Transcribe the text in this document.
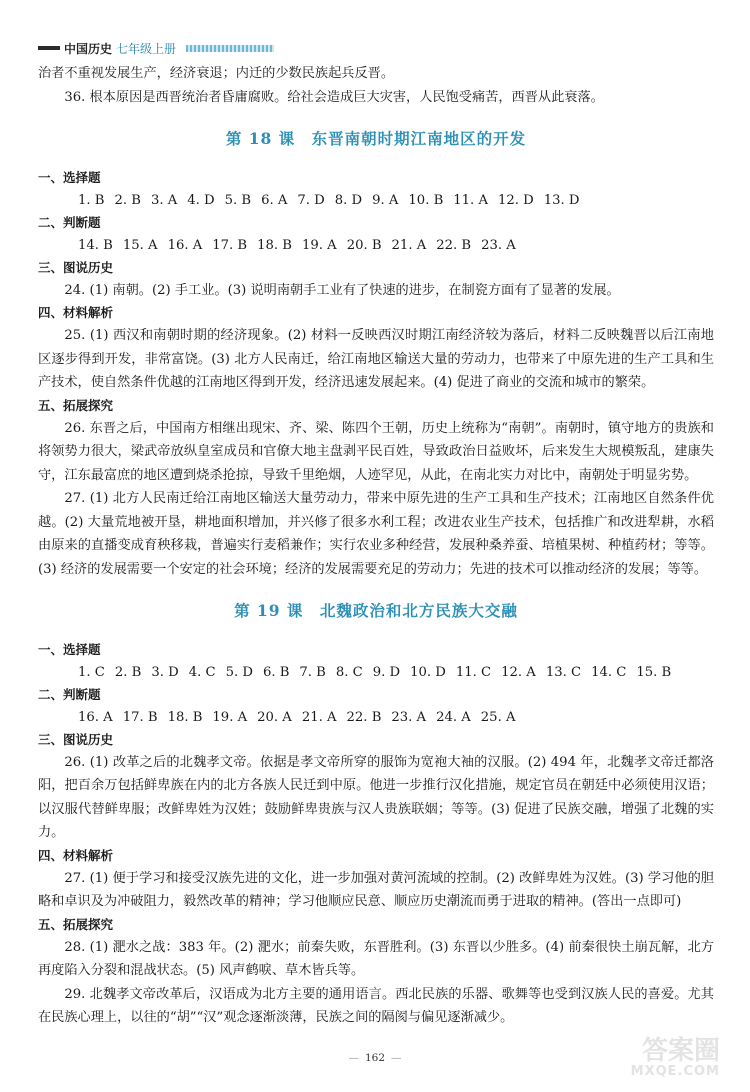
中国历史 七年级上册

治者不重视发展生产，经济衰退；内迁的少数民族起兵反晋。

36. 根本原因是西晋统治者昏庸腐败。给社会造成巨大灾害，人民饱受痛苦，西晋从此衰落。

第 18 课　东晋南朝时期江南地区的开发

一、选择题

1. B 2. B 3. A 4. D 5. B 6. A 7. D 8. D 9. A 10. B 11. A 12. D 13. D

二、判断题

14. B 15. A 16. A 17. B 18. B 19. A 20. B 21. A 22. B 23. A

三、图说历史

24. (1) 南朝。(2) 手工业。(3) 说明南朝手工业有了快速的进步，在制瓷方面有了显著的发展。

四、材料解析

25. (1) 西汉和南朝时期的经济现象。(2) 材料一反映西汉时期江南经济较为落后，材料二反映魏晋以后江南地区逐步得到开发，非常富饶。(3) 北方人民南迁，给江南地区输送大量的劳动力，也带来了中原先进的生产工具和生产技术，使自然条件优越的江南地区得到开发，经济迅速发展起来。(4) 促进了商业的交流和城市的繁荣。

五、拓展探究

26. 东晋之后，中国南方相继出现宋、齐、梁、陈四个王朝，历史上统称为“南朝”。南朝时，镇守地方的贵族和将领势力很大，梁武帝放纵皇室成员和官僚大地主盘剥平民百姓，导致政治日益败坏，后来发生大规模叛乱，建康失守，江东最富庶的地区遭到烧杀抢掠，导致千里绝烟，人迹罕见，从此，在南北实力对比中，南朝处于明显劣势。

27. (1) 北方人民南迁给江南地区输送大量劳动力，带来中原先进的生产工具和生产技术；江南地区自然条件优越。(2) 大量荒地被开垦，耕地面积增加，并兴修了很多水利工程；改进农业生产技术，包括推广和改进犁耕，水稻由原来的直播变成育秧移栽，普遍实行麦稻兼作；实行农业多种经营，发展种桑养蚕、培植果树、种植药材；等等。(3) 经济的发展需要一个安定的社会环境；经济的发展需要充足的劳动力；先进的技术可以推动经济的发展；等等。

第 19 课　北魏政治和北方民族大交融

一、选择题

1. C 2. B 3. D 4. C 5. D 6. B 7. B 8. C 9. D 10. D 11. C 12. A 13. C 14. C 15. B

二、判断题

16. A 17. B 18. B 19. A 20. A 21. A 22. B 23. A 24. A 25. A

三、图说历史

26. (1) 改革之后的北魏孝文帝。依据是孝文帝所穿的服饰为宽袍大袖的汉服。(2) 494 年，北魏孝文帝迁都洛阳，把百余万包括鲜卑族在内的北方各族人民迁到中原。他进一步推行汉化措施，规定官员在朝廷中必须使用汉语；以汉服代替鲜卑服；改鲜卑姓为汉姓；鼓励鲜卑贵族与汉人贵族联姻；等等。(3) 促进了民族交融，增强了北魏的实力。

四、材料解析

27. (1) 便于学习和接受汉族先进的文化，进一步加强对黄河流域的控制。(2) 改鲜卑姓为汉姓。(3) 学习他的胆略和卓识及为冲破阻力，毅然改革的精神；学习他顺应民意、顺应历史潮流而勇于进取的精神。(答出一点即可)

五、拓展探究

28. (1) 淝水之战：383 年。(2) 淝水；前秦失败，东晋胜利。(3) 东晋以少胜多。(4) 前秦很快土崩瓦解，北方再度陷入分裂和混战状态。(5) 风声鹤唳、草木皆兵等。

29. 北魏孝文帝改革后，汉语成为北方主要的通用语言。西北民族的乐器、歌舞等也受到汉族人民的喜爱。尤其在民族心理上，以往的“胡”“汉”观念逐渐淡薄，民族之间的隔阂与偏见逐渐减少。

— 162 —	答案圈
MXQE.COM
